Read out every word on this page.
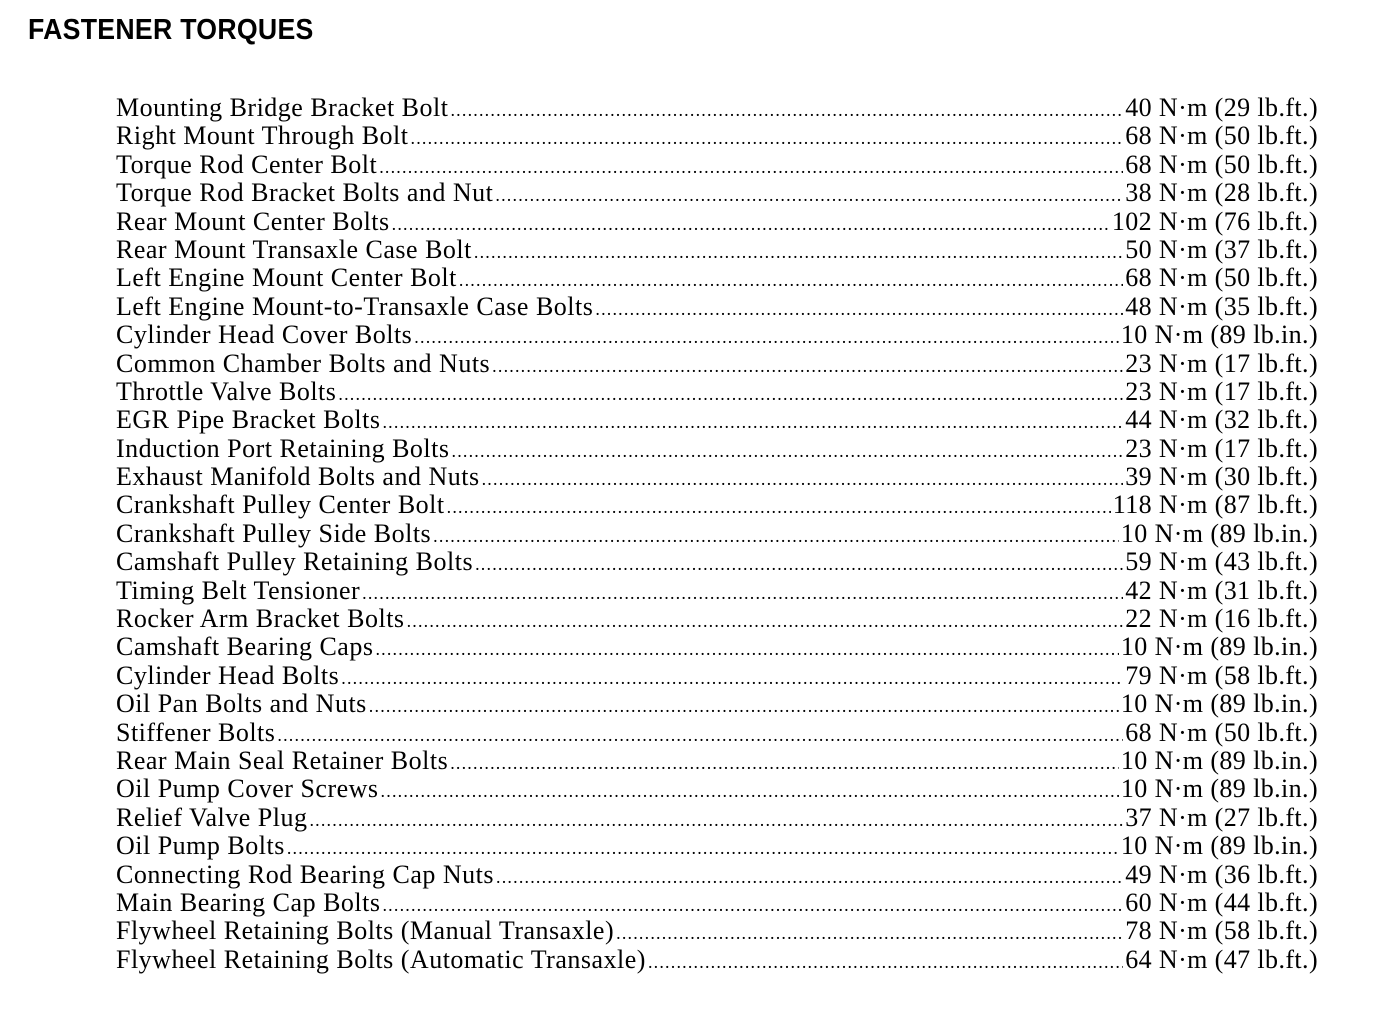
FASTENER TORQUES
Mounting Bridge Bracket Bolt .....	40 N·m (29 lb.ft.)
Right Mount Through Bolt .....	68 N·m (50 lb.ft.)
Torque Rod Center Bolt .....	68 N·m (50 lb.ft.)
Torque Rod Bracket Bolts and Nut .....	38 N·m (28 lb.ft.)
Rear Mount Center Bolts .....	102 N·m (76 lb.ft.)
Rear Mount Transaxle Case Bolt .....	50 N·m (37 lb.ft.)
Left Engine Mount Center Bolt .....	68 N·m (50 lb.ft.)
Left Engine Mount-to-Transaxle Case Bolts .....	48 N·m (35 lb.ft.)
Cylinder Head Cover Bolts .....	10 N·m (89 lb.in.)
Common Chamber Bolts and Nuts .....	23 N·m (17 lb.ft.)
Throttle Valve Bolts .....	23 N·m (17 lb.ft.)
EGR Pipe Bracket Bolts .....	44 N·m (32 lb.ft.)
Induction Port Retaining Bolts .....	23 N·m (17 lb.ft.)
Exhaust Manifold Bolts and Nuts .....	39 N·m (30 lb.ft.)
Crankshaft Pulley Center Bolt .....	118 N·m (87 lb.ft.)
Crankshaft Pulley Side Bolts .....	10 N·m (89 lb.in.)
Camshaft Pulley Retaining Bolts .....	59 N·m (43 lb.ft.)
Timing Belt Tensioner .....	42 N·m (31 lb.ft.)
Rocker Arm Bracket Bolts .....	22 N·m (16 lb.ft.)
Camshaft Bearing Caps .....	10 N·m (89 lb.in.)
Cylinder Head Bolts .....	79 N·m (58 lb.ft.)
Oil Pan Bolts and Nuts .....	10 N·m (89 lb.in.)
Stiffener Bolts .....	68 N·m (50 lb.ft.)
Rear Main Seal Retainer Bolts .....	10 N·m (89 lb.in.)
Oil Pump Cover Screws .....	10 N·m (89 lb.in.)
Relief Valve Plug .....	37 N·m (27 lb.ft.)
Oil Pump Bolts .....	10 N·m (89 lb.in.)
Connecting Rod Bearing Cap Nuts .....	49 N·m (36 lb.ft.)
Main Bearing Cap Bolts .....	60 N·m (44 lb.ft.)
Flywheel Retaining Bolts (Manual Transaxle) .....	78 N·m (58 lb.ft.)
Flywheel Retaining Bolts (Automatic Transaxle) .....	64 N·m (47 lb.ft.)
